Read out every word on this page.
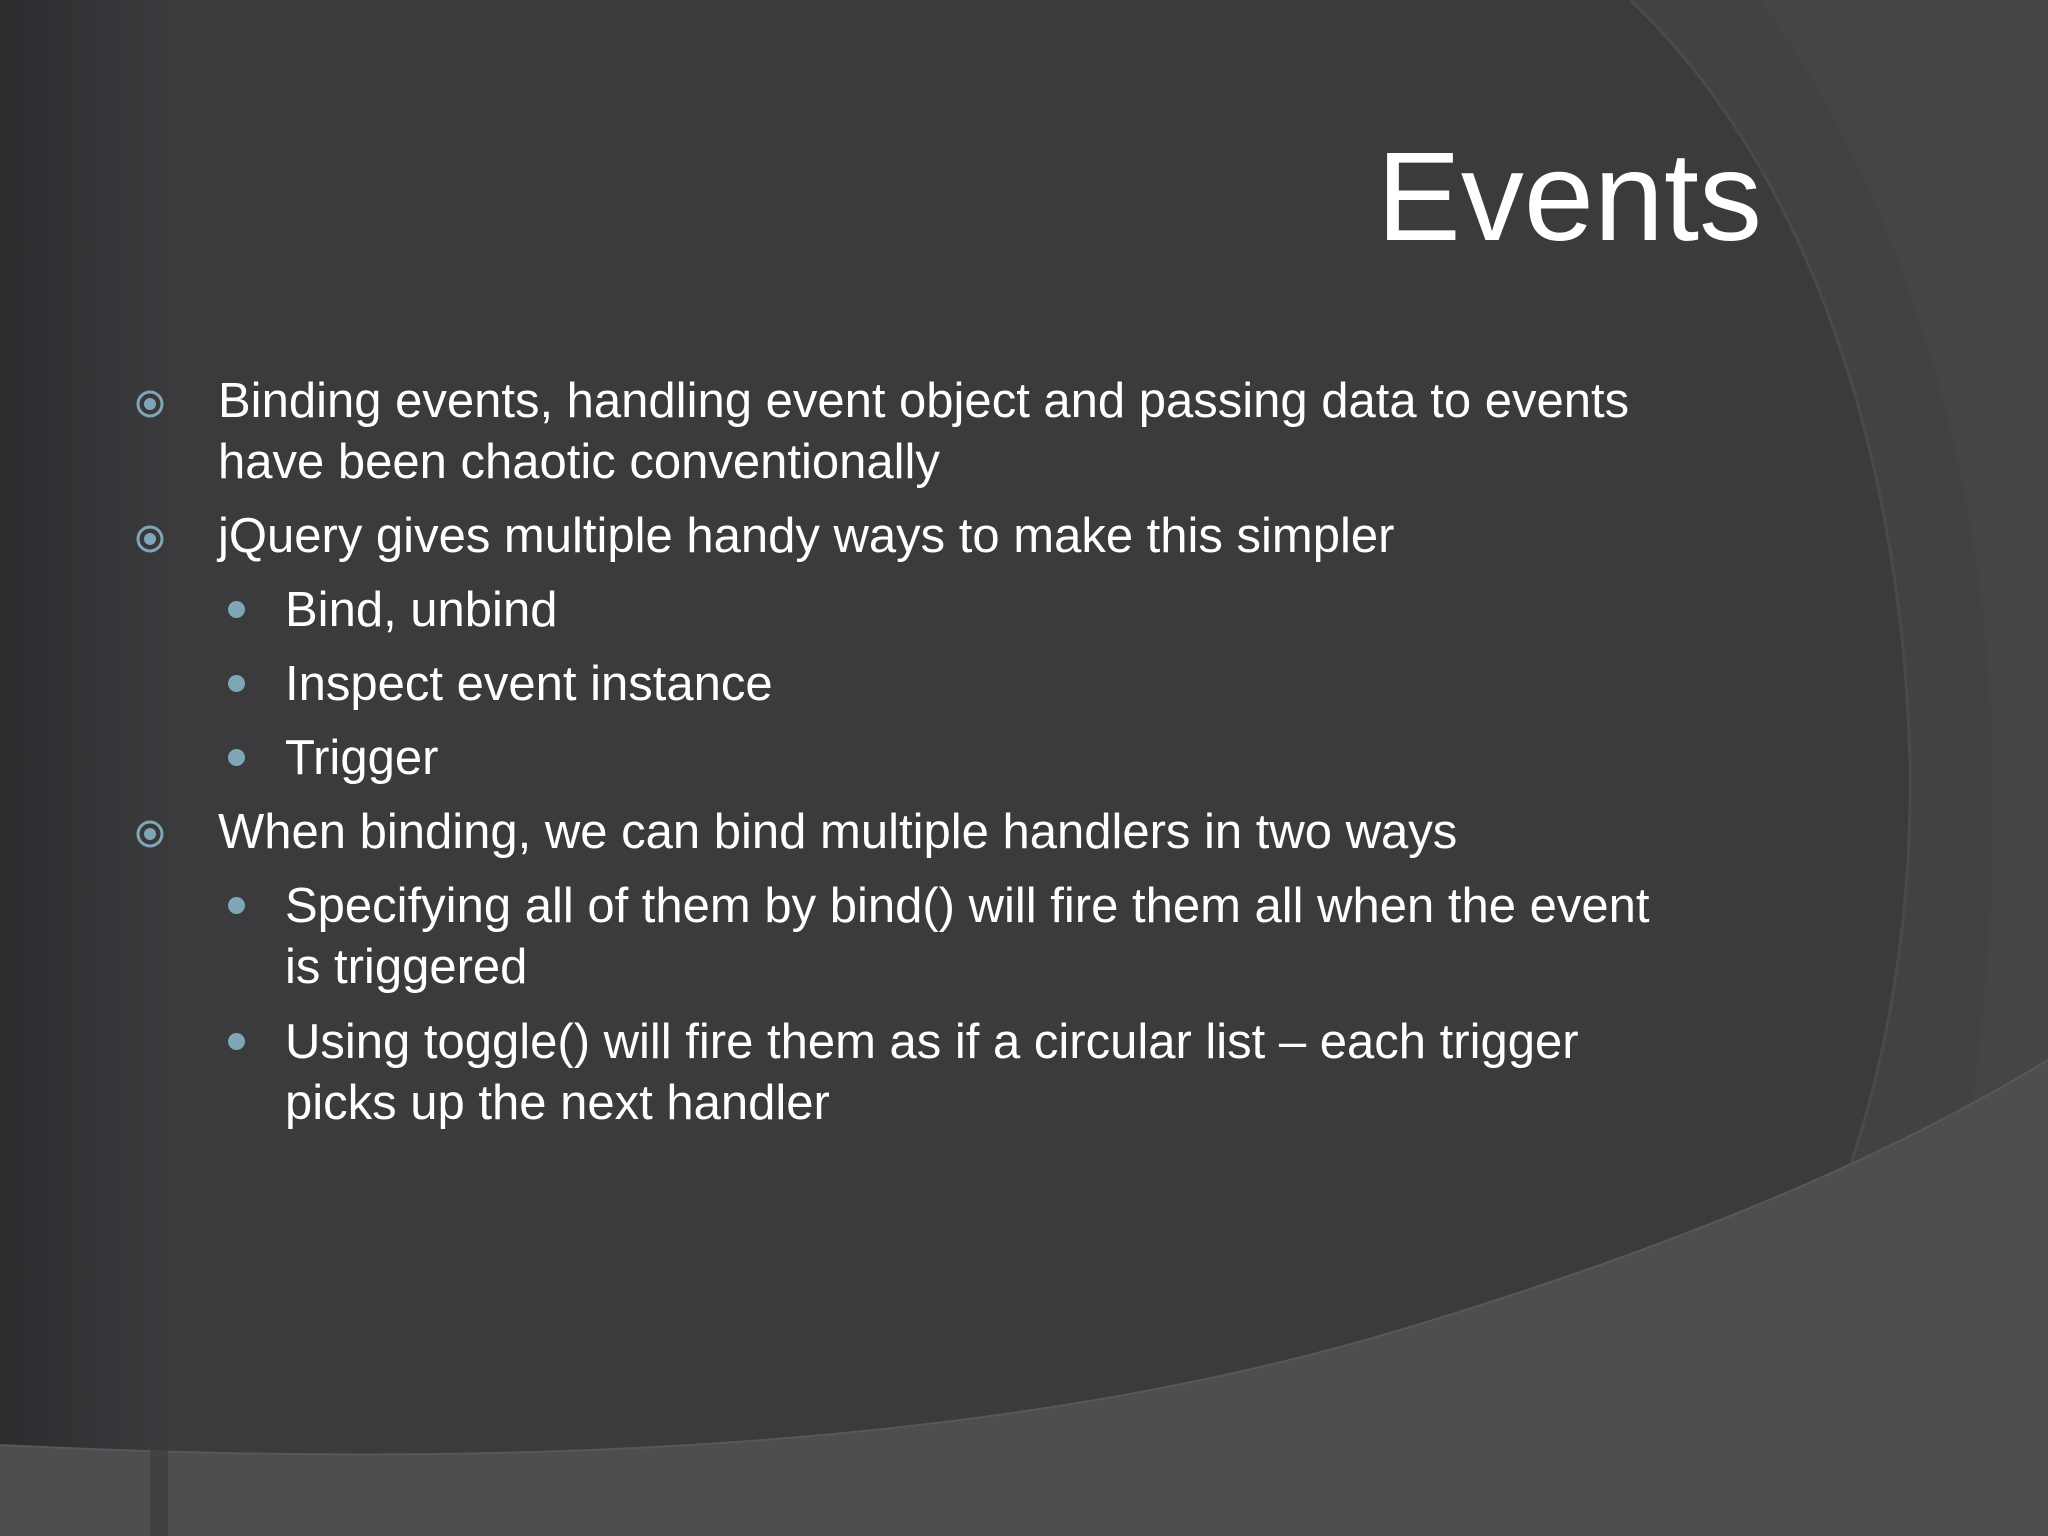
Events
Binding events, handling event object and passing data to events
have been chaotic conventionally
jQuery gives multiple handy ways to make this simpler
Bind, unbind
Inspect event instance
Trigger
When binding, we can bind multiple handlers in two ways
Specifying all of them by bind() will fire them all when the event
is triggered
Using toggle() will fire them as if a circular list – each trigger
picks up the next handler
